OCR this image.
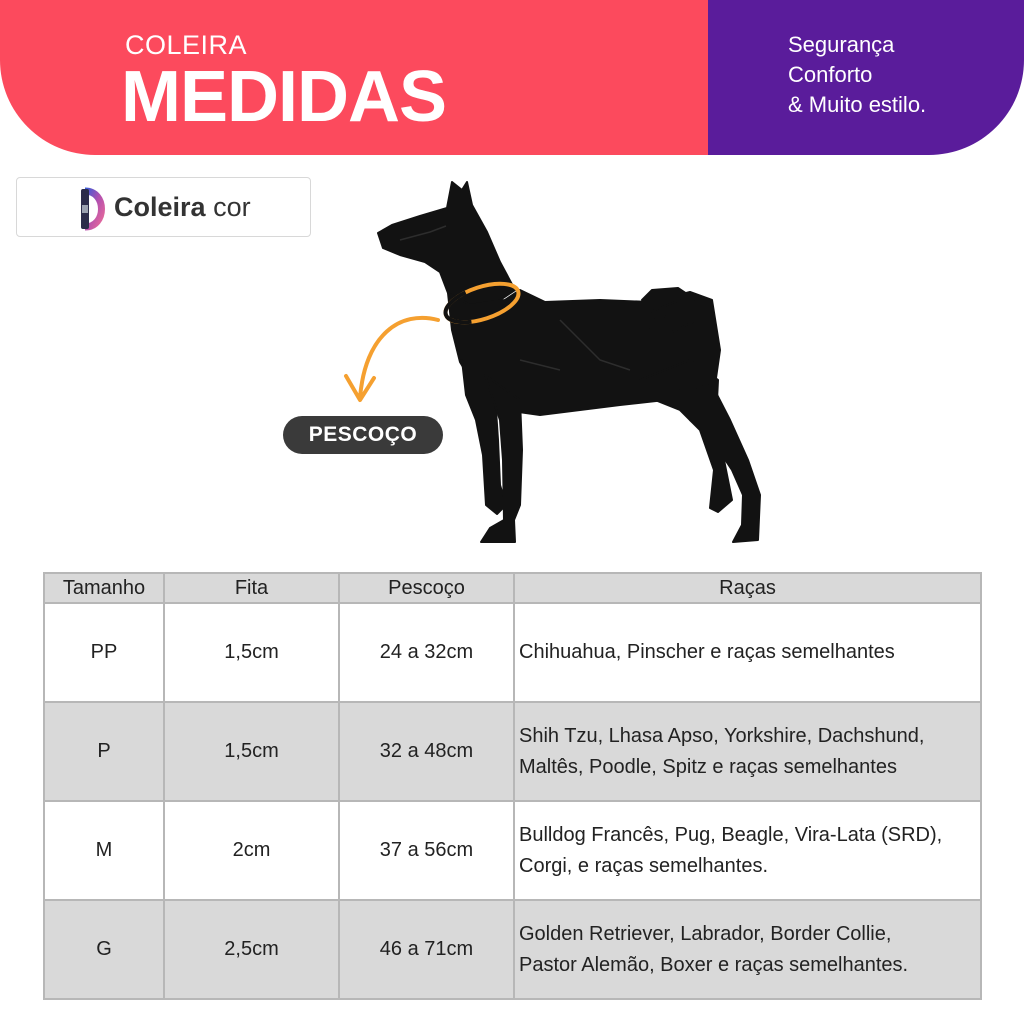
COLEIRA
MEDIDAS
Segurança
Conforto
& Muito estilo.
Coleira cor
PESCOÇO
Tamanho	Fita	Pescoço	Raças
PP	1,5cm	24 a 32cm	Chihuahua, Pinscher e raças semelhantes

P	1,5cm	32 a 48cm	Shih Tzu, Lhasa Apso, Yorkshire, Dachshund,
Maltês, Poodle, Spitz e raças semelhantes

M	2cm	37 a 56cm	Bulldog Francês, Pug, Beagle, Vira-Lata (SRD),
Corgi, e raças semelhantes.

G	2,5cm	46 a 71cm	Golden Retriever, Labrador, Border Collie,
Pastor Alemão, Boxer e raças semelhantes.
